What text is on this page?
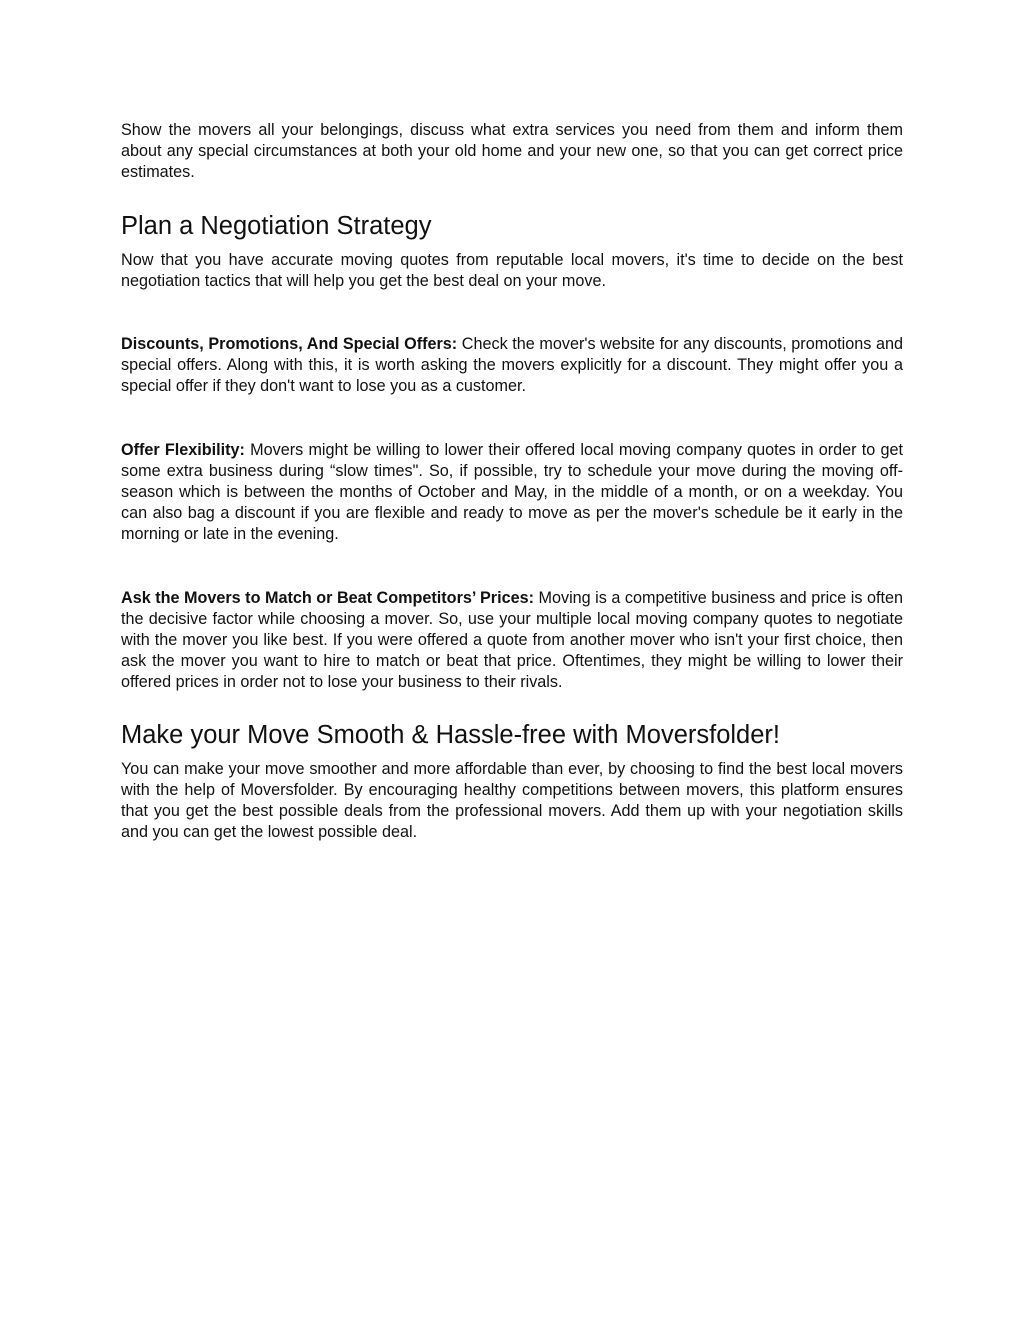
Show the movers all your belongings, discuss what extra services you need from them and inform them about any special circumstances at both your old home and your new one, so that you can get correct price estimates.

Plan a Negotiation Strategy

Now that you have accurate moving quotes from reputable local movers, it's time to decide on the best negotiation tactics that will help you get the best deal on your move.

Discounts, Promotions, And Special Offers: Check the mover's website for any discounts, promotions and special offers. Along with this, it is worth asking the movers explicitly for a discount. They might offer you a special offer if they don't want to lose you as a customer.

Offer Flexibility: Movers might be willing to lower their offered local moving company quotes in order to get some extra business during “slow times". So, if possible, try to schedule your move during the moving off-season which is between the months of October and May, in the middle of a month, or on a weekday. You can also bag a discount if you are flexible and ready to move as per the mover's schedule be it early in the morning or late in the evening.

Ask the Movers to Match or Beat Competitors’ Prices: Moving is a competitive business and price is often the decisive factor while choosing a mover. So, use your multiple local moving company quotes to negotiate with the mover you like best. If you were offered a quote from another mover who isn't your first choice, then ask the mover you want to hire to match or beat that price. Oftentimes, they might be willing to lower their offered prices in order not to lose your business to their rivals.

Make your Move Smooth & Hassle-free with Moversfolder!

You can make your move smoother and more affordable than ever, by choosing to find the best local movers with the help of Moversfolder. By encouraging healthy competitions between movers, this platform ensures that you get the best possible deals from the professional movers. Add them up with your negotiation skills and you can get the lowest possible deal.
